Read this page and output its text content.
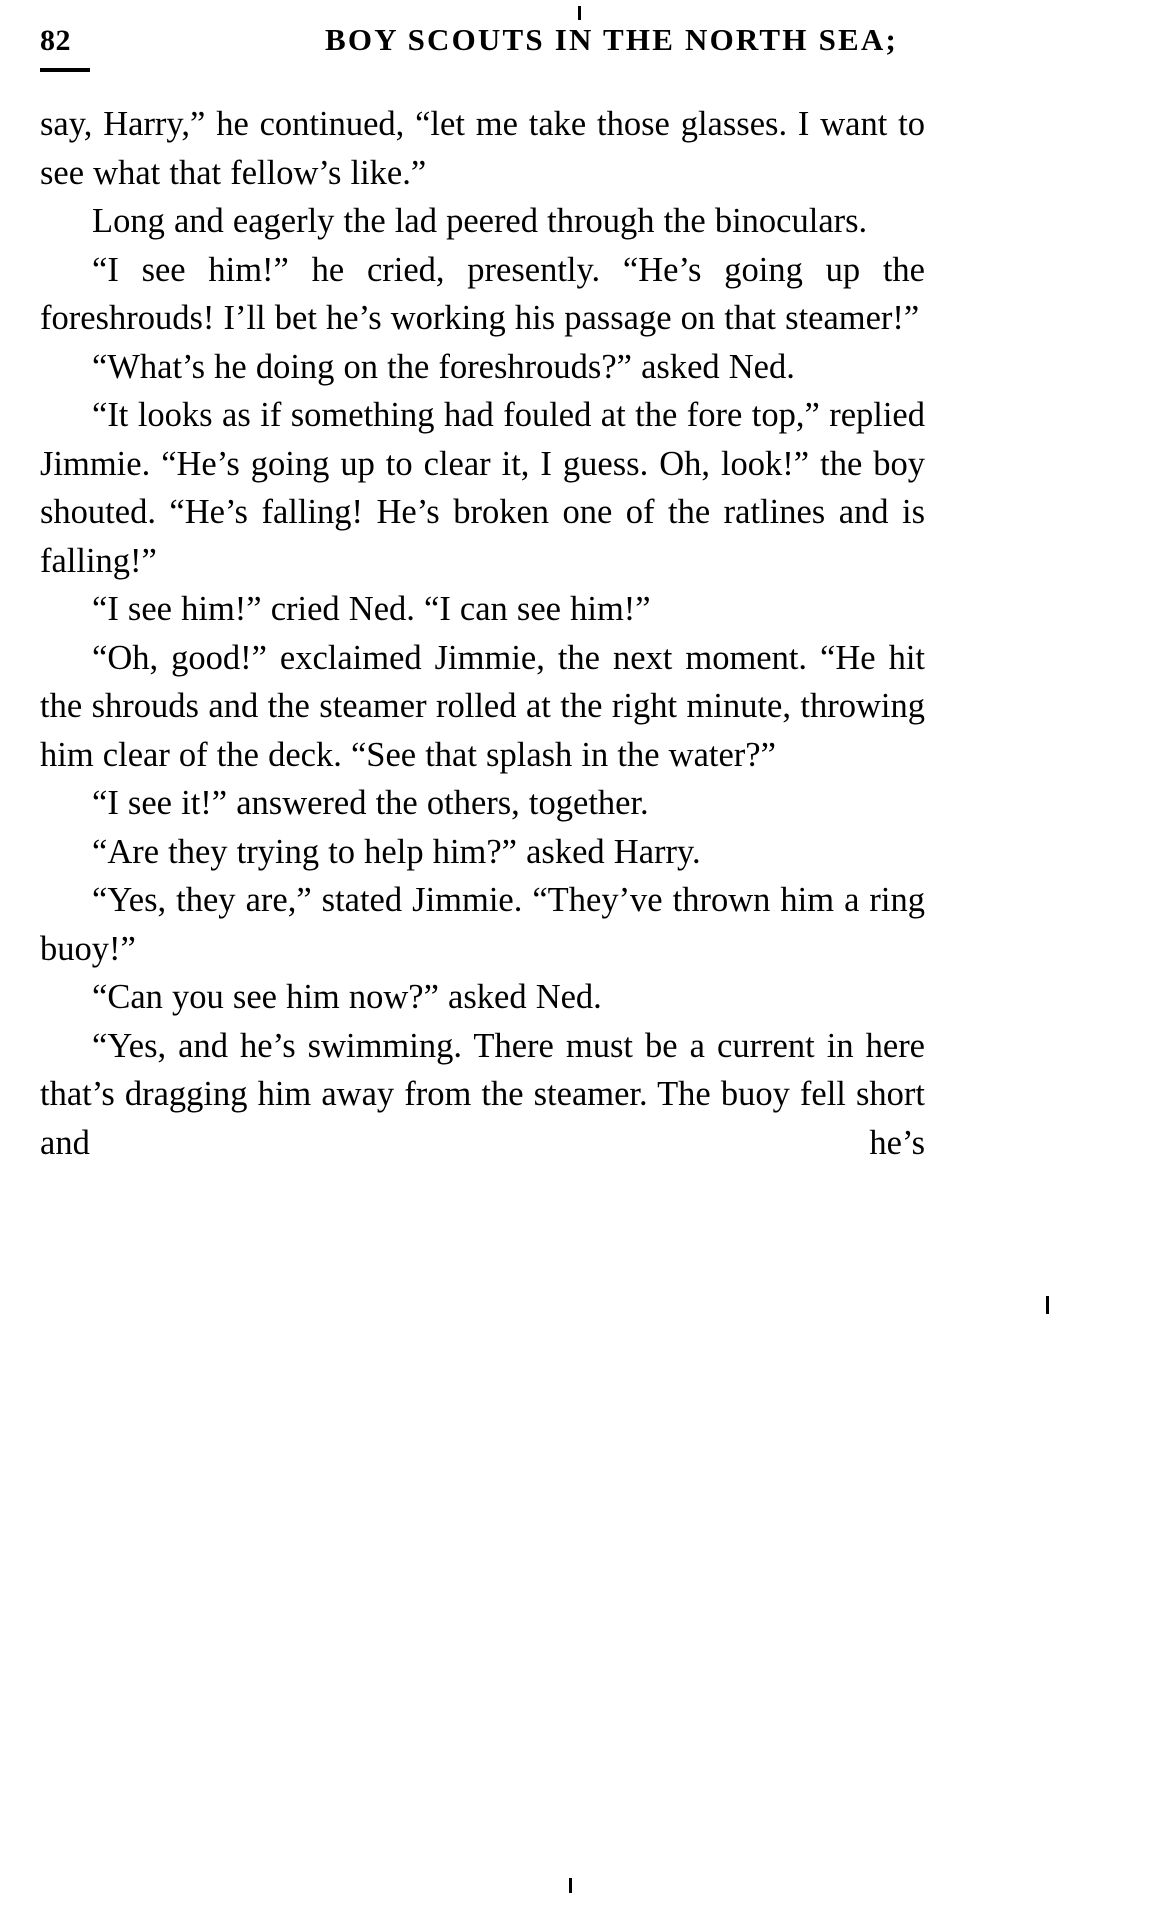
82	BOY SCOUTS IN THE NORTH SEA;

say, Harry,” he continued, “let me take those glasses. I want to see what that fellow’s like.”

Long and eagerly the lad peered through the binoculars.

“I see him!” he cried, presently. “He’s going up the foreshrouds! I’ll bet he’s working his passage on that steamer!”

“What’s he doing on the foreshrouds?” asked Ned.

“It looks as if something had fouled at the fore top,” replied Jimmie. “He’s going up to clear it, I guess. Oh, look!” the boy shouted. “He’s falling! He’s broken one of the ratlines and is falling!”

“I see him!” cried Ned. “I can see him!”

“Oh, good!” exclaimed Jimmie, the next moment. “He hit the shrouds and the steamer rolled at the right minute, throwing him clear of the deck. “See that splash in the water?”

“I see it!” answered the others, together.

“Are they trying to help him?” asked Harry.

“Yes, they are,” stated Jimmie. “They’ve thrown him a ring buoy!”

“Can you see him now?” asked Ned.

“Yes, and he’s swimming. There must be a current in here that’s dragging him away from the steamer. The buoy fell short and he’s
